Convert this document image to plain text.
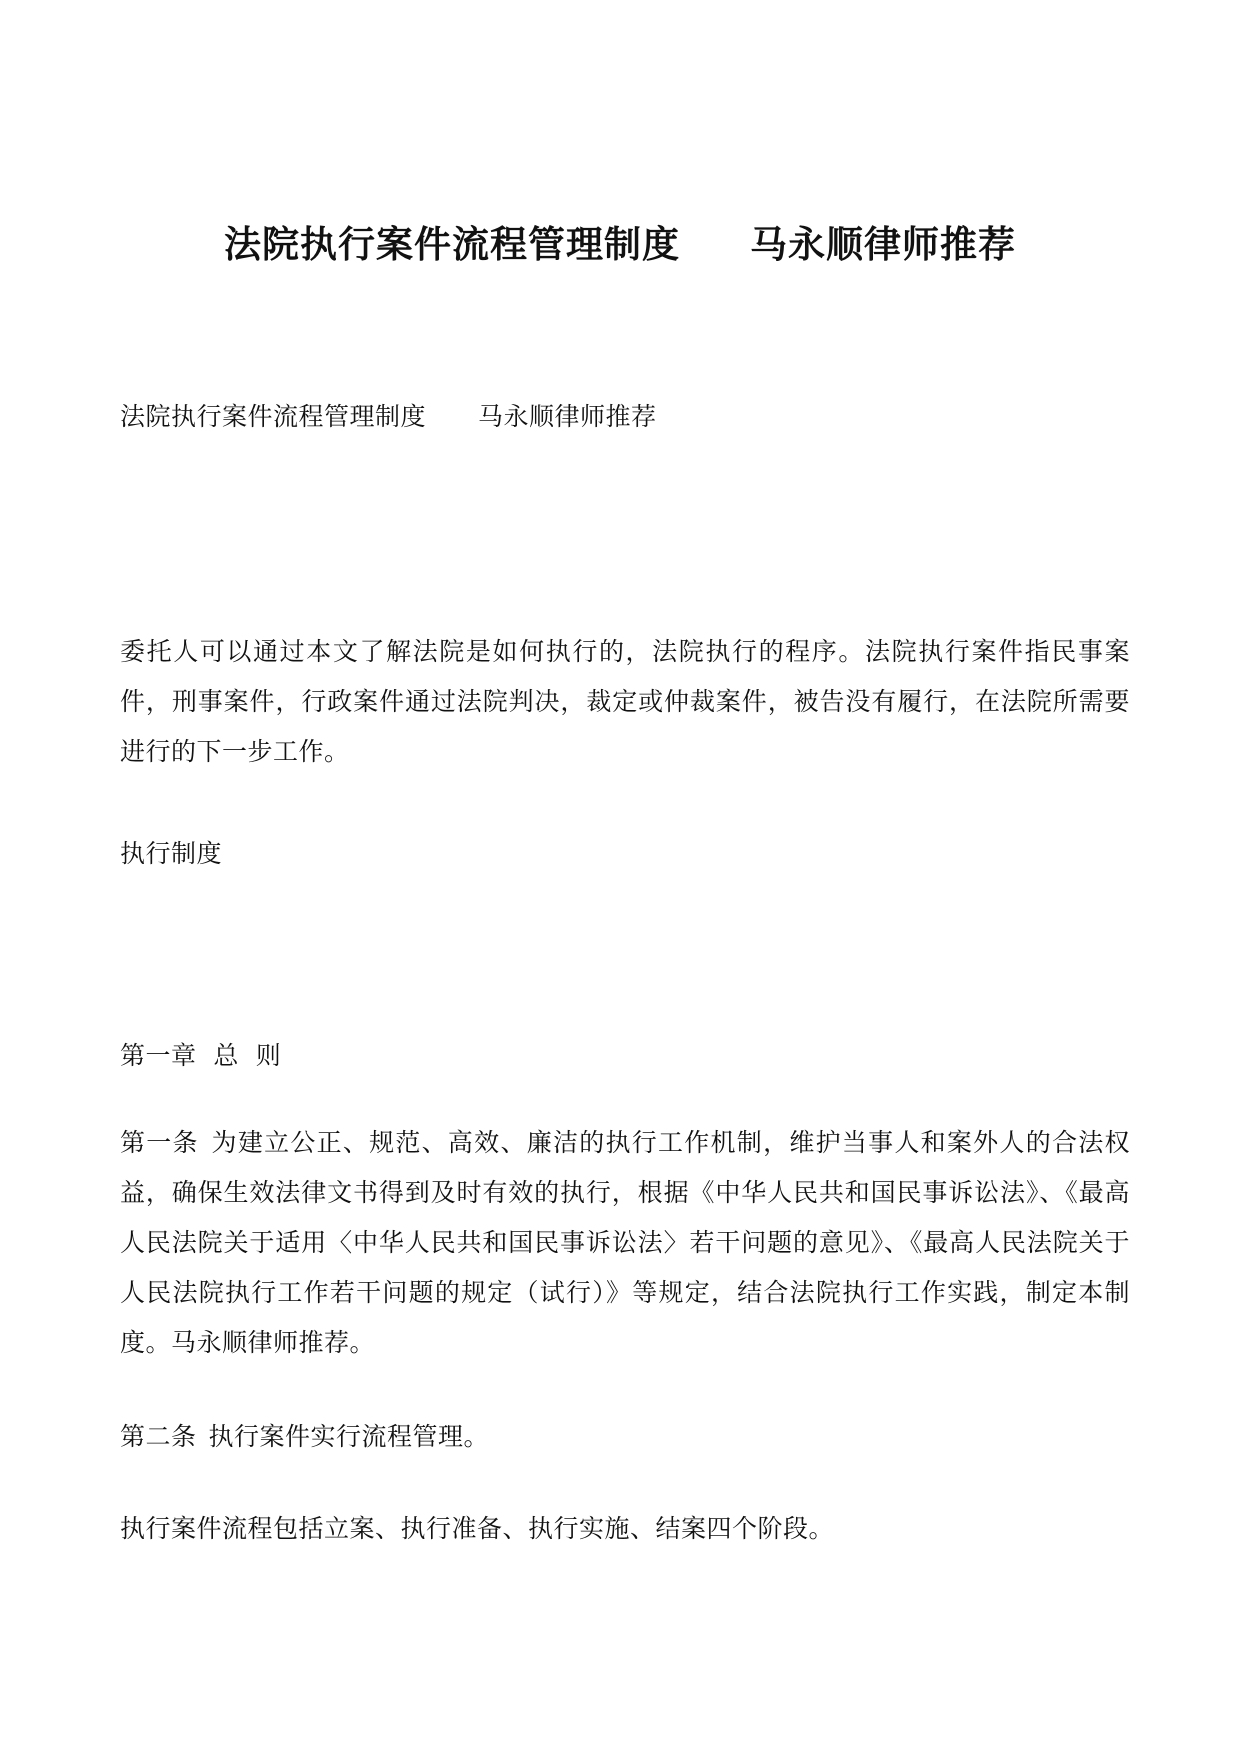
法院执行案件流程管理制度 马永顺律师推荐
法院执行案件流程管理制度 马永顺律师推荐

委托人可以通过本文了解法院是如何执行的，法院执行的程序。法院执行案件指民事案件，刑事案件，行政案件通过法院判决，裁定或仲裁案件，被告没有履行，在法院所需要进行的下一步工作。

执行制度
第一章  总  则

第一条 为建立公正、规范、高效、廉洁的执行工作机制，维护当事人和案外人的合法权益，确保生效法律文书得到及时有效的执行，根据《中华人民共和国民事诉讼法》、《最高人民法院关于适用〈中华人民共和国民事诉讼法〉若干问题的意见》、《最高人民法院关于人民法院执行工作若干问题的规定（试行）》等规定，结合法院执行工作实践，制定本制度。马永顺律师推荐。

第二条 执行案件实行流程管理。
执行案件流程包括立案、执行准备、执行实施、结案四个阶段。
